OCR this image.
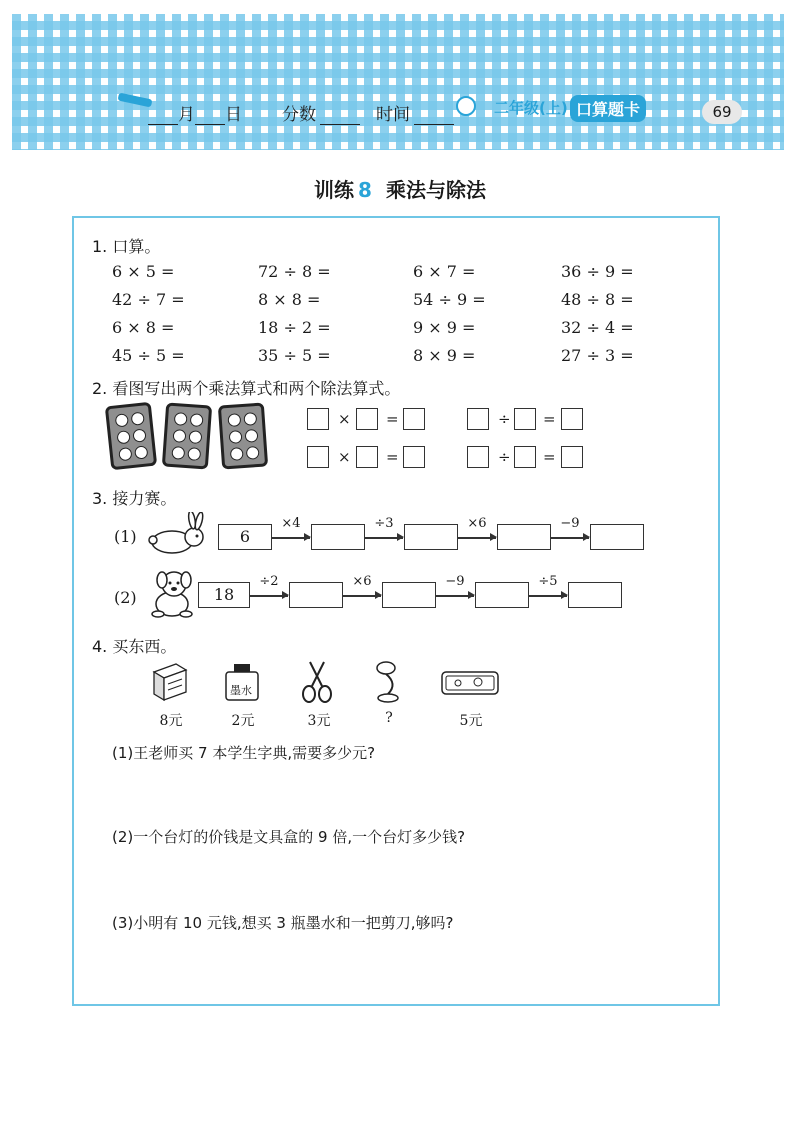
月 日 分数	时间	二年级(上) 口算题卡	69
训练 8 乘法与除法
1. 口算。
6 × 5 =	72 ÷ 8 =	6 × 7 =	36 ÷ 9 =
42 ÷ 7 =	8 × 8 =	54 ÷ 9 =	48 ÷ 8 =
6 × 8 =	18 ÷ 2 =	9 × 9 =	32 ÷ 4 =
45 ÷ 5 =	35 ÷ 5 =	8 × 9 =	27 ÷ 3 =
2. 看图写出两个乘法算式和两个除法算式。
× =	÷ =
× =	÷ =
3. 接力赛。
(1)	6
×4	÷3	×6	−9
(2)	18
÷2	×6	−9	÷5
4. 买东西。
墨水
8元	2元	3元	?	5元
(1)王老师买 7 本学生字典,需要多少元?
(2)一个台灯的价钱是文具盒的 9 倍,一个台灯多少钱?
(3)小明有 10 元钱,想买 3 瓶墨水和一把剪刀,够吗?
